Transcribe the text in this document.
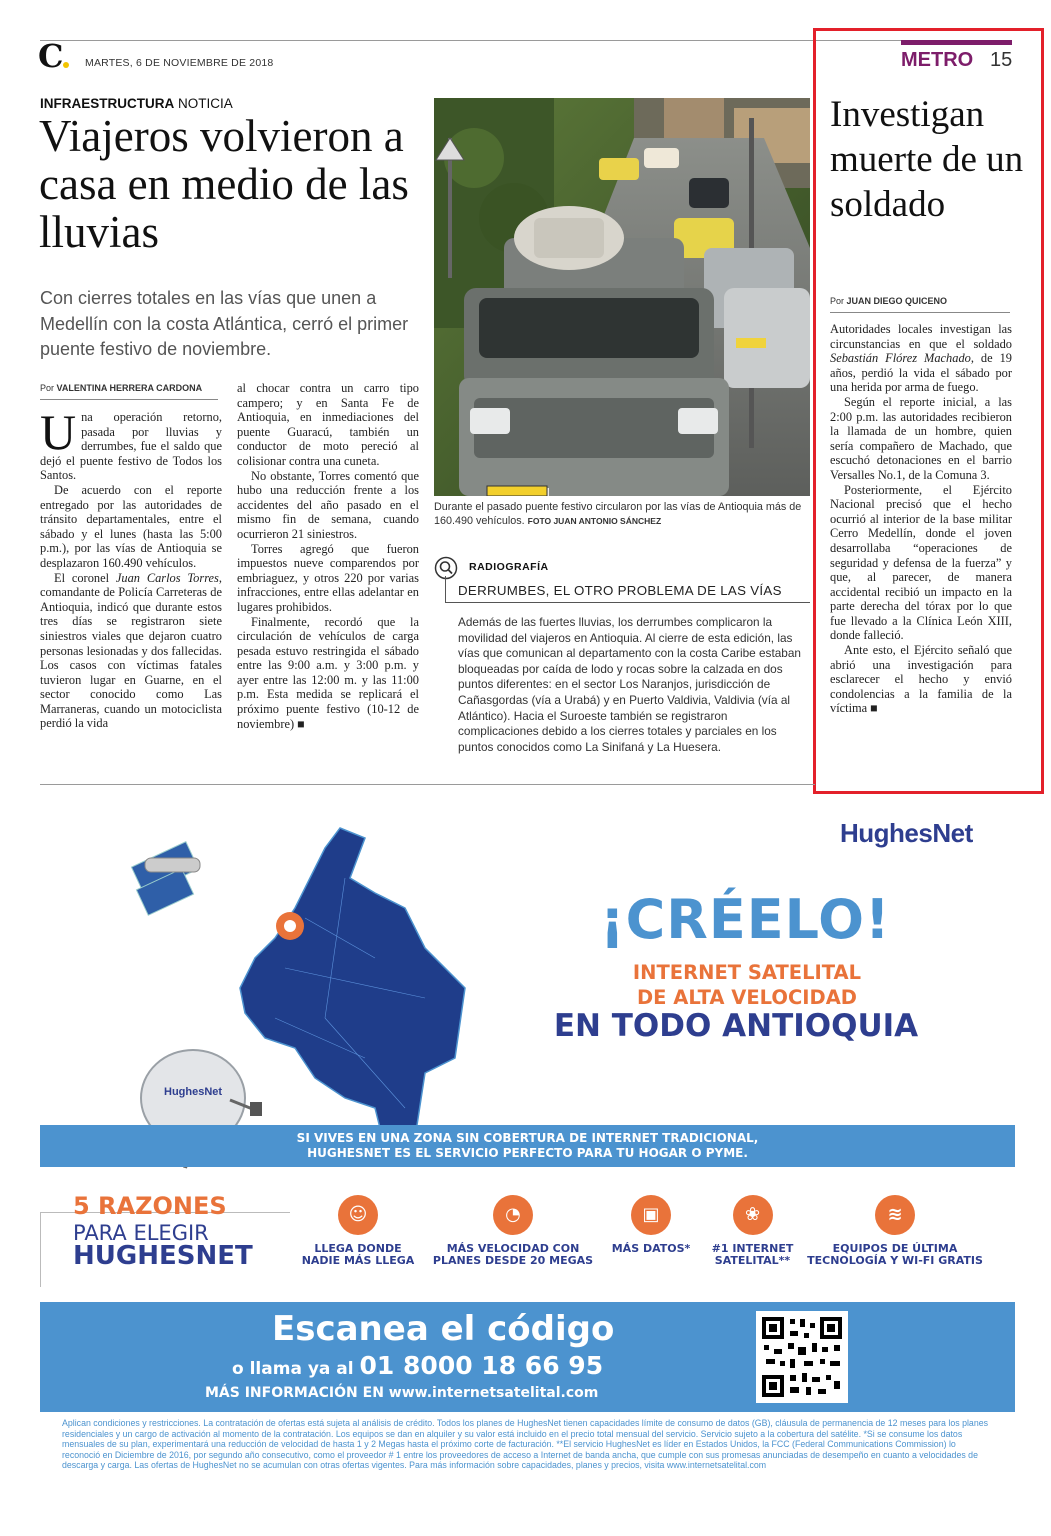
C MARTES, 6 DE NOVIEMBRE DE 2018	METRO 15
INFRAESTRUCTURA NOTICIA
Viajeros volvieron a casa en medio de las lluvias
Con cierres totales en las vías que unen a Medellín con la costa Atlántica, cerró el primer puente festivo de noviembre.
Por VALENTINA HERRERA CARDONA

Una operación retorno, pasada por lluvias y derrumbes, fue el saldo que dejó el puente festivo de Todos los Santos.

De acuerdo con el reporte entregado por las autoridades de tránsito departamentales, entre el sábado y el lunes (hasta las 5:00 p.m.), por las vías de Antioquia se desplazaron 160.490 vehículos.

El coronel Juan Carlos Torres, comandante de Policía Carreteras de Antioquia, indicó que durante estos tres días se registraron siete siniestros viales que dejaron cuatro personas lesionadas y dos fallecidas. Los casos con víctimas fatales tuvieron lugar en Guarne, en el sector conocido como Las Marraneras, cuando un motociclista perdió la vida

al chocar contra un carro tipo campero; y en Santa Fe de Antioquia, en inmediaciones del puente Guaracú, también un conductor de moto pereció al colisionar contra una cuneta.

No obstante, Torres comentó que hubo una reducción frente a los accidentes del año pasado en el mismo fin de semana, cuando ocurrieron 21 siniestros.

Torres agregó que fueron impuestos nueve comparendos por embriaguez, y otros 220 por varias infracciones, entre ellas adelantar en lugares prohibidos.

Finalmente, recordó que la circulación de vehículos de carga pesada estuvo restringida el sábado entre las 9:00 a.m. y 3:00 p.m. y ayer entre las 12:00 m. y las 11:00 p.m. Esta medida se replicará el próximo puente festivo (10-12 de noviembre) ■

Durante el pasado puente festivo circularon por las vías de Antioquia más de 160.490 vehículos. FOTO JUAN ANTONIO SÁNCHEZ
RADIOGRAFÍA
DERRUMBES, EL OTRO PROBLEMA DE LAS VÍAS
Además de las fuertes lluvias, los derrumbes complicaron la movilidad del viajeros en Antioquia. Al cierre de esta edición, las vías que comunican al departamento con la costa Caribe estaban bloqueadas por caída de lodo y rocas sobre la calzada en dos puntos diferentes: en el sector Los Naranjos, jurisdicción de Cañasgordas (vía a Urabá) y en Puerto Valdivia, Valdivia (vía al Atlántico). Hacia el Suroeste también se registraron complicaciones debido a los cierres totales y parciales en los puntos conocidos como La Sinifaná y La Huesera.
Investigan muerte de un soldado
Por JUAN DIEGO QUICENO

Autoridades locales investigan las circunstancias en que el soldado Sebastián Flórez Machado, de 19 años, perdió la vida el sábado por una herida por arma de fuego.

Según el reporte inicial, a las 2:00 p.m. las autoridades recibieron la llamada de un hombre, quien sería compañero de Machado, que escuchó detonaciones en el barrio Versalles No.1, de la Comuna 3.

Posteriormente, el Ejército Nacional precisó que el hecho ocurrió al interior de la base militar Cerro Medellín, donde el joven desarrollaba “operaciones de seguridad y defensa de la fuerza” y que, al parecer, de manera accidental recibió un impacto en la parte derecha del tórax por lo que fue llevado a la Clínica León XIII, donde falleció.

Ante esto, el Ejército señaló que abrió una investigación para esclarecer el hecho y envió condolencias a la familia de la víctima ■

HughesNet
HughesNet
¡CRÉELO!
INTERNET SATELITAL DE ALTA VELOCIDAD
EN TODO ANTIOQUIA
SI VIVES EN UNA ZONA SIN COBERTURA DE INTERNET TRADICIONAL,
HUGHESNET ES EL SERVICIO PERFECTO PARA TU HOGAR O PYME.
5 RAZONES
PARA ELEGIR
HUGHESNET
☺
LLEGA DONDE NADIE MÁS LLEGA
◔
MÁS VELOCIDAD CON PLANES DESDE 20 MEGAS
▣
MÁS DATOS*
❀
#1 INTERNET SATELITAL**
≋
EQUIPOS DE ÚLTIMA TECNOLOGÍA Y WI-FI GRATIS
Escanea el código
o llama ya al 01 8000 18 66 95
MÁS INFORMACIÓN EN www.internetsatelital.com
Aplican condiciones y restricciones. La contratación de ofertas está sujeta al análisis de crédito. Todos los planes de HughesNet tienen capacidades límite de consumo de datos (GB), cláusula de permanencia de 12 meses para los planes residenciales y un cargo de activación al momento de la contratación. Los equipos se dan en alquiler y su valor está incluido en el precio total mensual del servicio. Servicio sujeto a la cobertura del satélite. *Si se consume los datos mensuales de su plan, experimentará una reducción de velocidad de hasta 1 y 2 Megas hasta el próximo corte de facturación. **El servicio HughesNet es líder en Estados Unidos, la FCC (Federal Communications Commission) lo reconoció en Diciembre de 2016, por segundo año consecutivo, como el proveedor # 1 entre los proveedores de acceso a Internet de banda ancha, que cumple con sus promesas anunciadas de desempeño en cuanto a velocidades de descarga y carga. Las ofertas de HughesNet no se acumulan con otras ofertas vigentes. Para más información sobre capacidades, planes y precios, visita www.internetsatelital.com
